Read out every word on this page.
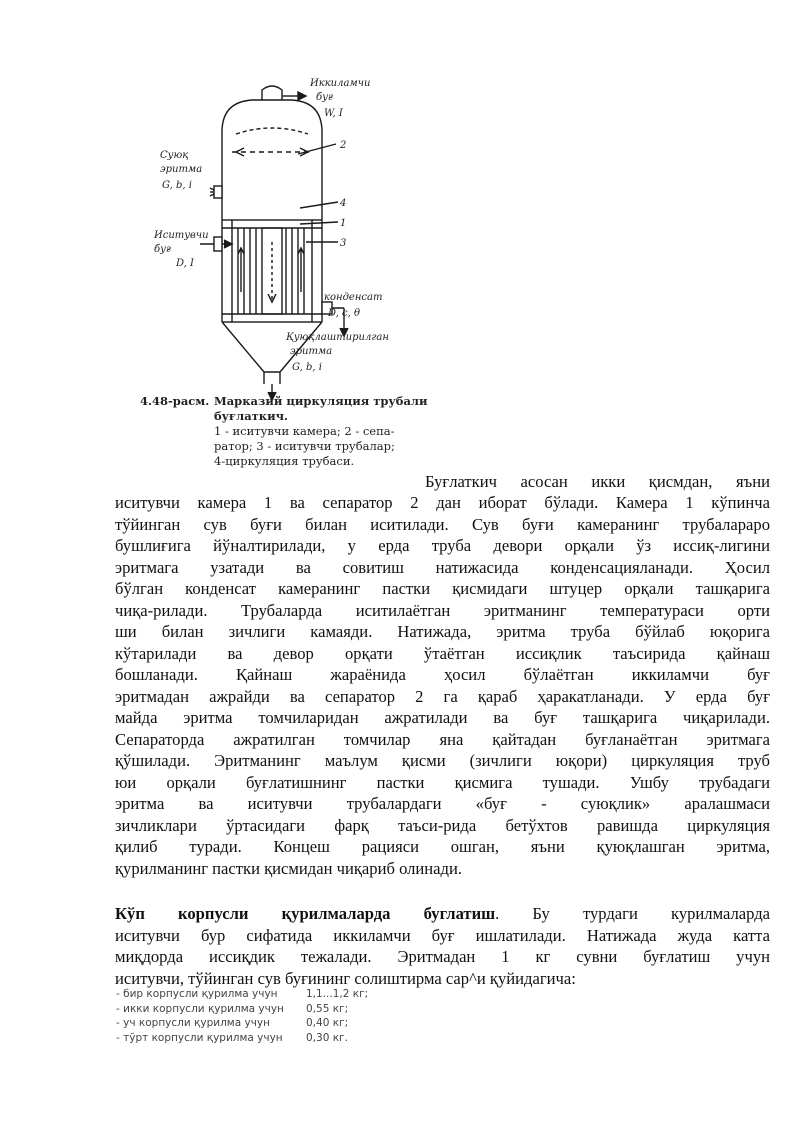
Иккиламчи
буғ
W, I
2
4
1
3
Суюқ
эритма
G, b, i
Иситувчи
буғ
D, I
конденсат
D, c, θ
Қуюқлаштирилган
эритма
G, b, i
4.48-расм. Марказий циркуляция трубали
буғлаткич.
1 - иситувчи камера; 2 - сепа-
ратор; 3 - иситувчи трубалар;
4-циркуляция трубаси.
Буғлаткич асосан икки қисмдан, яъни
иситувчи камера 1 ва сепаратор 2 дан иборат бўлади. Камера 1 кўпинча
тўйинган сув буғи билан иситилади. Сув буғи камеранинг трубалараро
бушлиғига йўналтирилади, у ерда труба девори орқали ўз иссиқ-лигини
эритмага узатади ва совитиш натижасида конденсацияланади. Ҳосил
бўлган конденсат камеранинг пастки қисмидаги штуцер орқали ташқарига
чиқа-рилади. Трубаларда иситилаётган эритманинг температураси орти
ши билан зичлиги камаяди. Натижада, эритма труба бўйлаб юқорига
кўтарилади ва девор орқати ўтаётган иссиқлик таъсирида қайнаш
бошланади. Қайнаш жараёнида ҳосил бўлаётган иккиламчи буғ
эритмадан ажрайди ва сепаратор 2 га қараб ҳаракатланади. У ерда буғ
майда эритма томчиларидан ажратилади ва буғ ташқарига чиқарилади.
Сепараторда ажратилган томчилар яна қайтадан буғланаётган эритмага
қўшилади. Эритманинг маълум қисми (зичлиги юқори) циркуляция труб
юи орқали буғлатишнинг пастки қисмига тушади. Ушбу трубадаги
эритма ва иситувчи трубалардаги «буғ - суюқлик» аралашмаси
зичликлари ўртасидаги фарқ таъси-рида бетўхтов равишда циркуляция
қилиб туради. Концеш рацияси ошган, яъни қуюқлашган эритма,
қурилманинг пастки қисмидан чиқариб олинади.
Кўп корпусли қурилмаларда буглатиш. Бу турдаги курилмаларда
иситувчи бур сифатида иккиламчи буғ ишлатилади. Натижада жуда катта
миқдорда иссиқдик тежалади. Эритмадан 1 кг сувни буғлатиш учун
иситувчи, тўйинган сув буғининг солиштирма сар^и қуйидагича:
- бир корпусли қурилма учун	1,1...1,2 кг;
- икки корпусли қурилма учун	0,55 кг;
- уч корпусли қурилма учун	0,40 кг;
- тўрт корпусли қурилма учун	0,30 кг.
